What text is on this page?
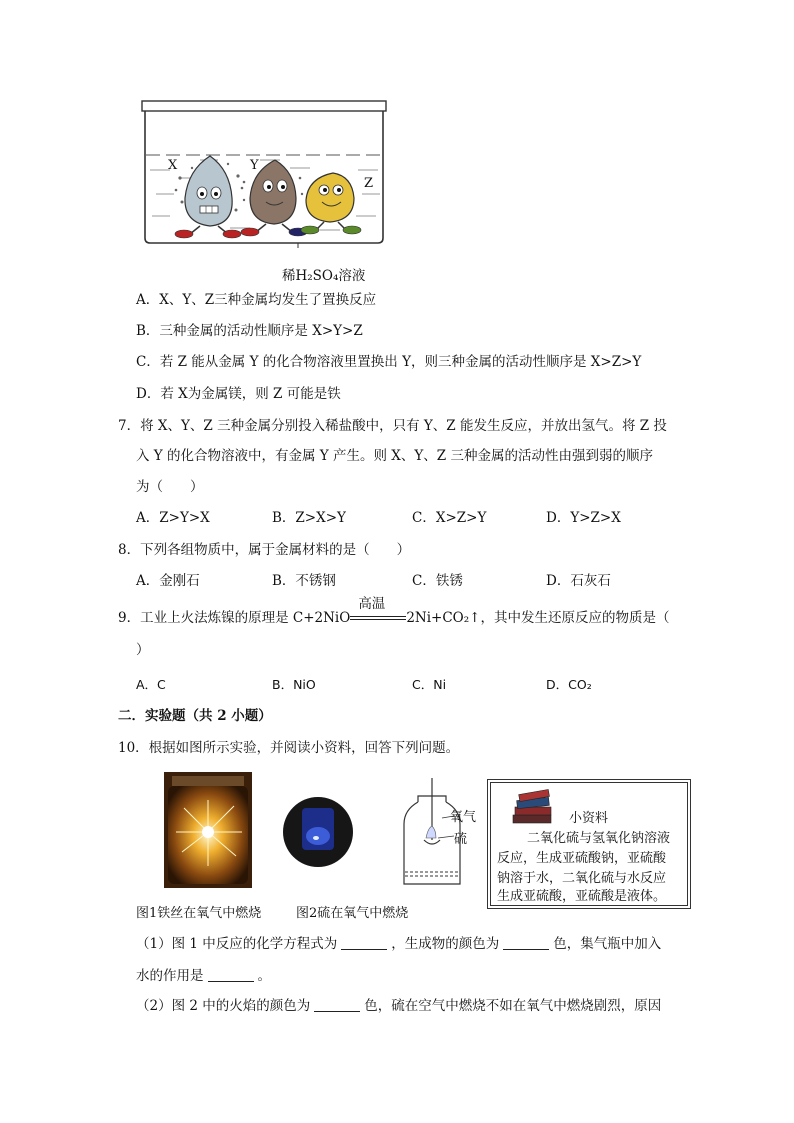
X	Y
Z
稀H₂SO₄溶液
A．X、Y、Z三种金属均发生了置换反应
B．三种金属的活动性顺序是 X>Y>Z
C．若 Z 能从金属 Y 的化合物溶液里置换出 Y，则三种金属的活动性顺序是 X>Z>Y
D．若 X为金属镁，则 Z 可能是铁
7．将 X、Y、Z 三种金属分别投入稀盐酸中，只有 Y、Z 能发生反应，并放出氢气。将 Z 投
入 Y 的化合物溶液中，有金属 Y 产生。则 X、Y、Z 三种金属的活动性由强到弱的顺序
为（　　）
A．Z>Y>X	B．Z>X>Y	C．X>Z>Y	D．Y>Z>X
8．下列各组物质中，属于金属材料的是（　　）
A．金刚石	B．不锈钢	C．铁锈	D．石灰石
9．工业上火法炼镍的原理是 C+2NiO
高温
2Ni+CO₂↑，其中发生还原反应的物质是（
）
A．C	B．NiO	C．Ni	D．CO₂
二．实验题（共 2 小题）
10．根据如图所示实验，并阅读小资料，回答下列问题。
氧气
硫
小资料
二氧化硫与氢氧化钠溶液
反应，生成亚硫酸钠，亚硫酸
钠溶于水，二氧化硫与水反应
生成亚硫酸，亚硫酸是液体。
图1铁丝在氧气中燃烧	图2硫在氧气中燃烧
（1）图 1 中反应的化学方程式为	，生成物的颜色为	色，集气瓶中加入
水的作用是	。
（2）图 2 中的火焰的颜色为	色，硫在空气中燃烧不如在氧气中燃烧剧烈，原因
